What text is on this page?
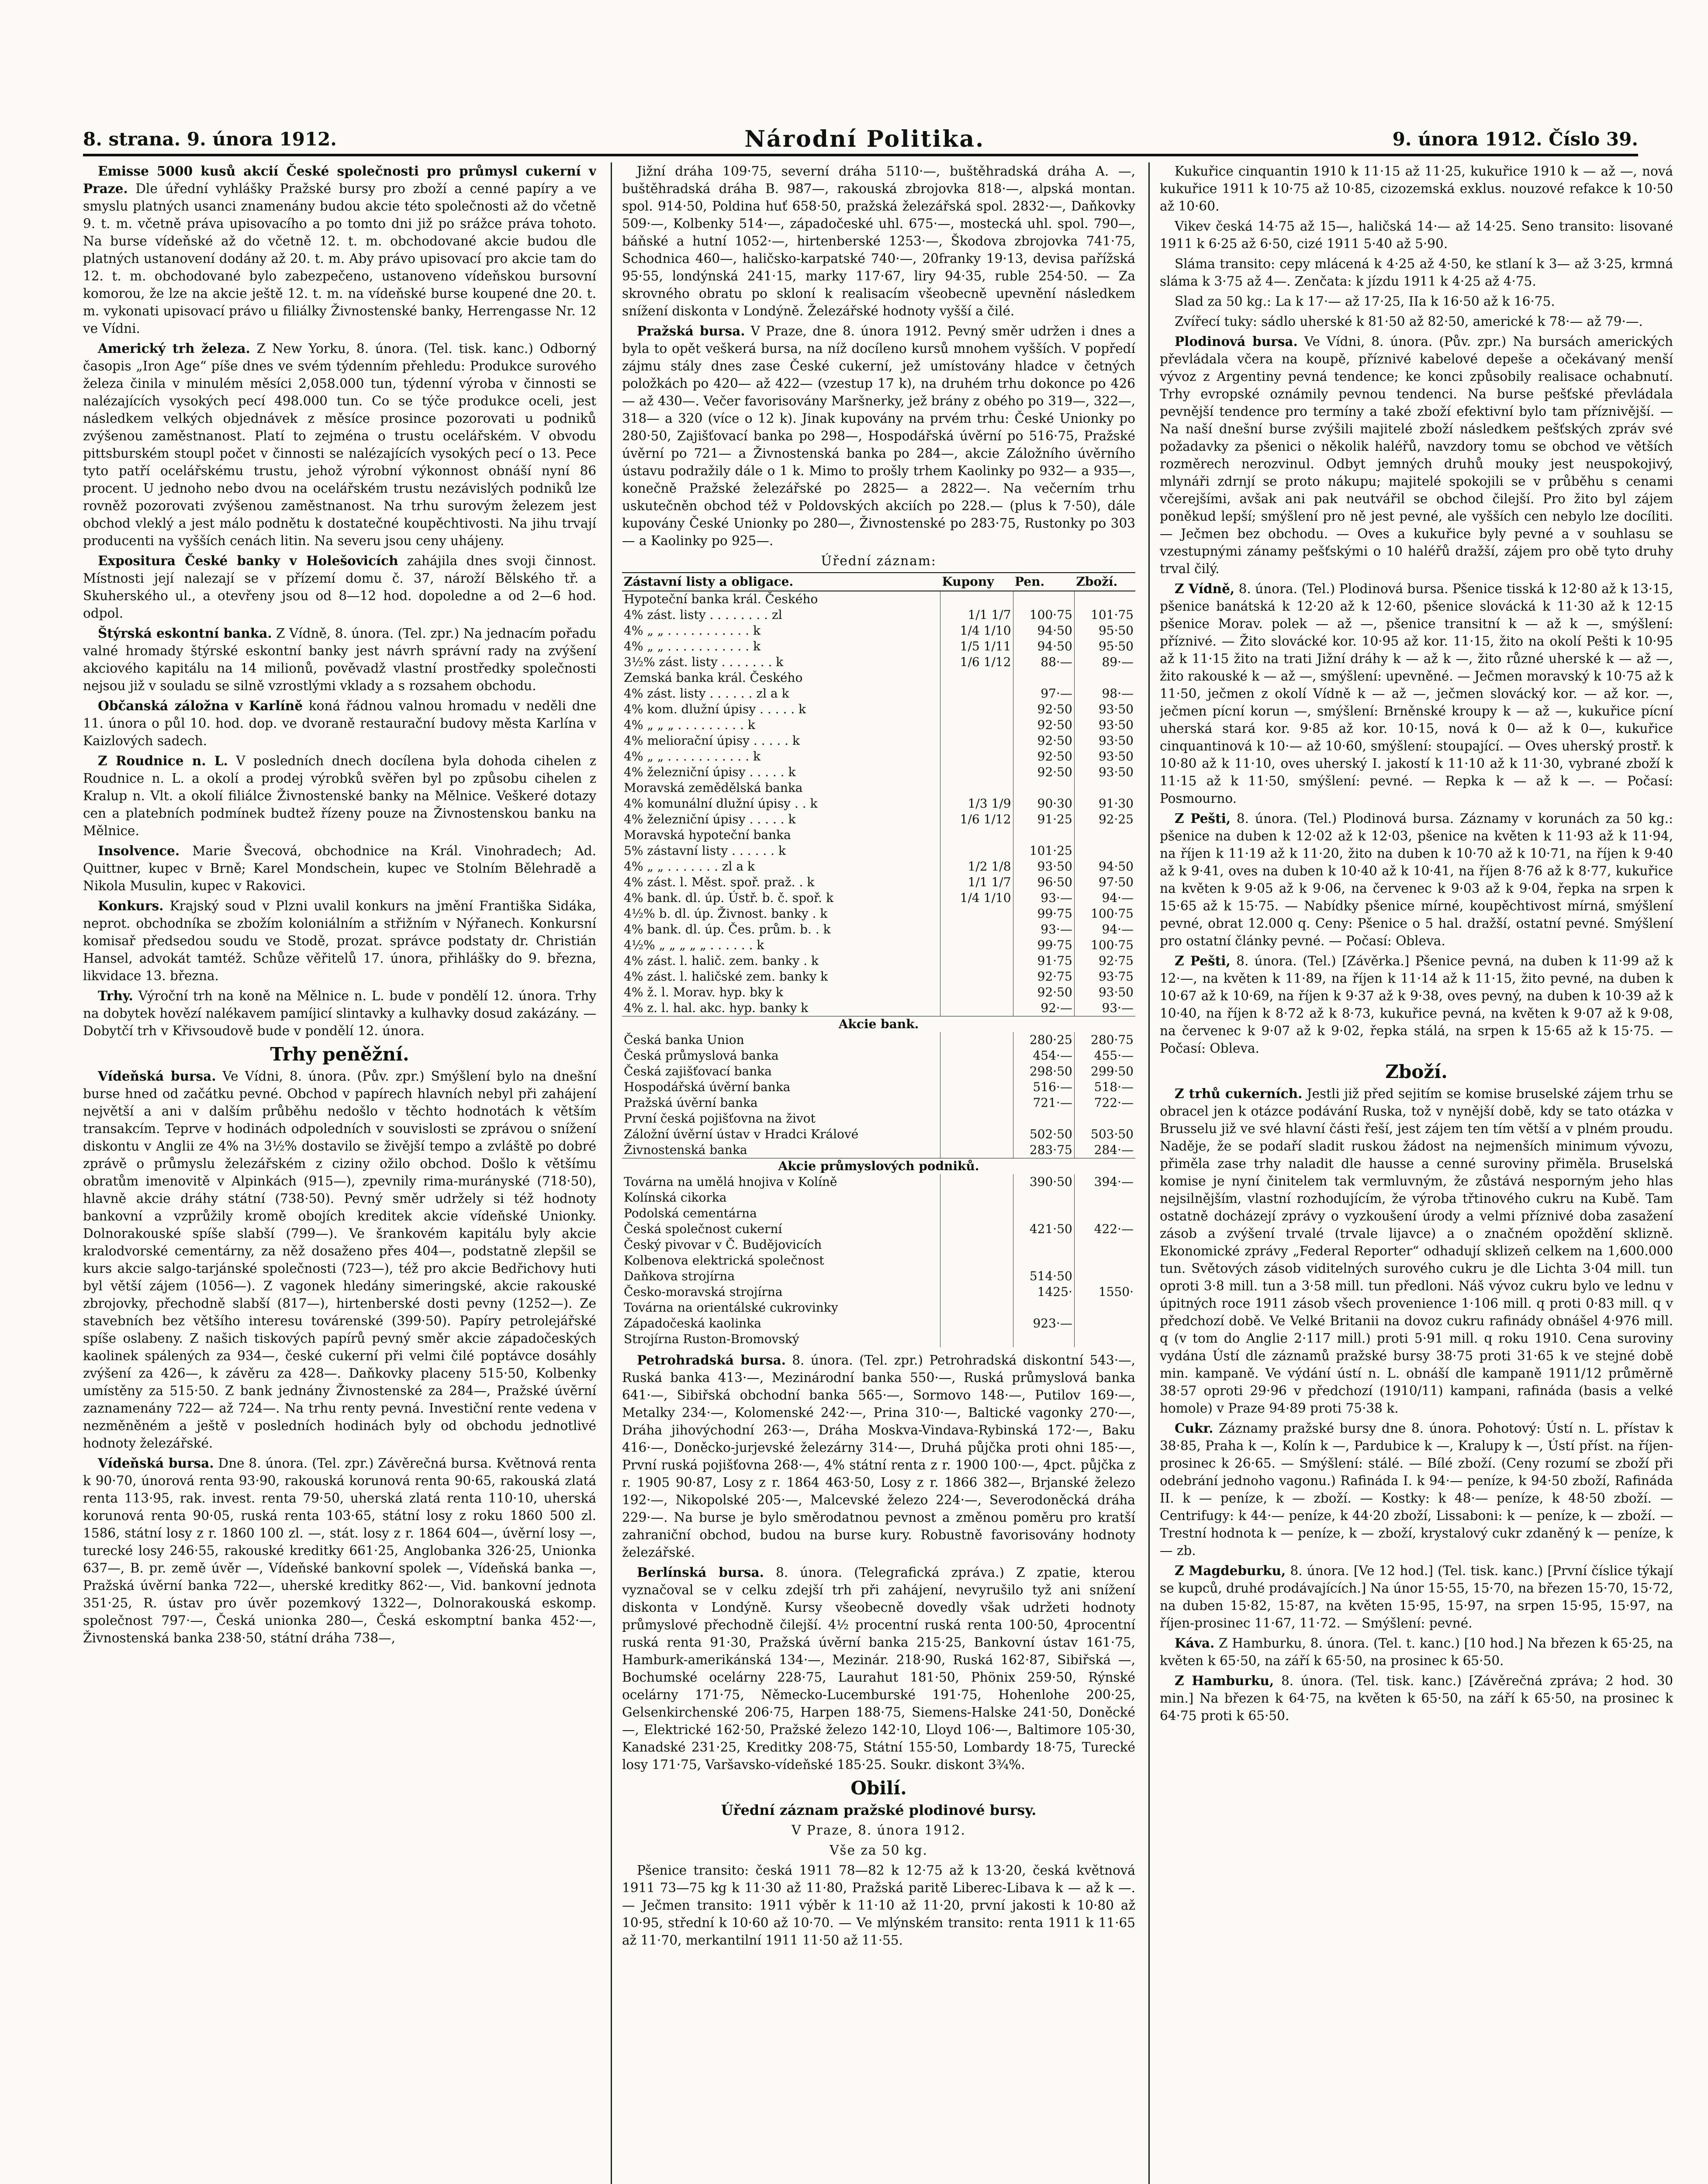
8. strana. 9. února 1912.	Národní Politika.	9. února 1912. Číslo 39.

Emisse 5000 kusů akcií České společnosti pro průmysl cukerní v Praze. Dle úřední vyhlášky Pražské bursy pro zboží a cenné papíry a ve smyslu platných usanci znamenány budou akcie této společnosti až do včetně 9. t. m. včetně práva upisovacího a po tomto dni již po srážce práva tohoto. Na burse vídeňské až do včetně 12. t. m. obchodované akcie budou dle platných ustanovení dodány až 20. t. m. Aby právo upisovací pro akcie tam do 12. t. m. obchodované bylo zabezpečeno, ustanoveno vídeňskou bursovní komorou, že lze na akcie ještě 12. t. m. na vídeňské burse koupené dne 20. t. m. vykonati upisovací právo u filiálky Živnostenské banky, Herrengasse Nr. 12 ve Vídni.

Americký trh železa. Z New Yorku, 8. února. (Tel. tisk. kanc.) Odborný časopis „Iron Age“ píše dnes ve svém týdenním přehledu: Produkce surového železa činila v minulém měsíci 2,058.000 tun, týdenní výroba v činnosti se nalézajících vysokých pecí 498.000 tun. Co se týče produkce oceli, jest následkem velkých objednávek z měsíce prosince pozorovati u podniků zvýšenou zaměstnanost. Platí to zejména o trustu ocelářském. V obvodu pittsburském stoupl počet v činnosti se nalézajících vysokých pecí o 13. Pece tyto patří ocelářskému trustu, jehož výrobní výkonnost obnáší nyní 86 procent. U jednoho nebo dvou na ocelářském trustu nezávislých podniků lze rovněž pozorovati zvýšenou zaměstnanost. Na trhu surovým železem jest obchod vleklý a jest málo podnětu k dostatečné koupěchtivosti. Na jihu trvají producenti na vyšších cenách litin. Na severu jsou ceny uhájeny.

Expositura České banky v Holešovicích zahájila dnes svoji činnost. Místnosti její nalezají se v přízemí domu č. 37, nároží Bělského tř. a Skuherského ul., a otevřeny jsou od 8—12 hod. dopoledne a od 2—6 hod. odpol.

Štýrská eskontní banka. Z Vídně, 8. února. (Tel. zpr.) Na jednacím pořadu valné hromady štýrské eskontní banky jest návrh správní rady na zvýšení akciového kapitálu na 14 milionů, pověvadž vlastní prostředky společnosti nejsou již v souladu se silně vzrostlými vklady a s rozsahem obchodu.

Občanská záložna v Karlíně koná řádnou valnou hromadu v neděli dne 11. února o půl 10. hod. dop. ve dvoraně restaurační budovy města Karlína v Kaizlových sadech.

Z Roudnice n. L. V posledních dnech docílena byla dohoda cihelen z Roudnice n. L. a okolí a prodej výrobků svěřen byl po způsobu cihelen z Kralup n. Vlt. a okolí filiálce Živnostenské banky na Mělnice. Veškeré dotazy cen a platebních podmínek budtež řízeny pouze na Živnostenskou banku na Mělnice.

Insolvence. Marie Švecová, obchodnice na Král. Vinohradech; Ad. Quittner, kupec v Brně; Karel Mondschein, kupec ve Stolním Bělehradě a Nikola Musulin, kupec v Rakovici.

Konkurs. Krajský soud v Plzni uvalil konkurs na jmění Františka Sidáka, neprot. obchodníka se zbožím koloniálním a střižním v Nýřanech. Konkursní komisař předsedou soudu ve Stodě, prozat. správce podstaty dr. Christián Hansel, advokát tamtéž. Schůze věřitelů 17. února, přihlášky do 9. března, likvidace 13. března.

Trhy. Výroční trh na koně na Mělnice n. L. bude v pondělí 12. února. Trhy na dobytek hovězí nalékavem pamíjicí slintavky a kulhavky dosud zakázány. — Dobytčí trh v Křivsoudově bude v pondělí 12. února.

Trhy peněžní.

Vídeňská bursa. Ve Vídni, 8. února. (Pův. zpr.) Smýšlení bylo na dnešní burse hned od začátku pevné. Obchod v papírech hlavních nebyl při zahájení největší a ani v dalším průběhu nedošlo v těchto hodnotách k větším transakcím. Teprve v hodinách odpoledních v souvislosti se zprávou o snížení diskontu v Anglii ze 4% na 3½% dostavilo se živější tempo a zvláště po dobré zprávě o průmyslu železářském z ciziny ožilo obchod. Došlo k většímu obratům imenovitě v Alpinkách (915—), zpevnily rima-murányské (718·50), hlavně akcie dráhy státní (738·50). Pevný směr udržely si též hodnoty bankovní a vzprůžily kromě obojích kreditek akcie vídeňské Unionky. Dolnorakouské spíše slabší (799—). Ve šrankovém kapitálu byly akcie kralodvorské cementárny, za něž dosaženo přes 404—, podstatně zlepšil se kurs akcie salgo-tarjánské společnosti (723—), též pro akcie Bedřichovy huti byl větší zájem (1056—). Z vagonek hledány simeringské, akcie rakouské zbrojovky, přechodně slabší (817—), hirtenberské dosti pevny (1252—). Ze stavebních bez většího interesu továrenské (399·50). Papíry petrolejářské spíše oslabeny. Z našich tiskových papírů pevný směr akcie západočeských kaolinek spálených za 934—, české cukerní při velmi čilé poptávce dosáhly zvýšení za 426—, k závěru za 428—. Daňkovky placeny 515·50, Kolbenky umístěny za 515·50. Z bank jednány Živnostenské za 284—, Pražské úvěrní zaznamenány 722— až 724—. Na trhu renty pevná. Investiční rente vedena v nezměněném a ještě v posledních hodinách byly od obchodu jednotlivé hodnoty železářské.

Vídeňská bursa. Dne 8. února. (Tel. zpr.) Závěrečná bursa. Květnová renta k 90·70, únorová renta 93·90, rakouská korunová renta 90·65, rakouská zlatá renta 113·95, rak. invest. renta 79·50, uherská zlatá renta 110·10, uherská korunová renta 90·05, ruská renta 103·65, státní losy z roku 1860 500 zl. 1586, státní losy z r. 1860 100 zl. —, stát. losy z r. 1864 604—, úvěrní losy —, turecké losy 246·55, rakouské kreditky 661·25, Anglobanka 326·25, Unionka 637—, B. pr. země úvěr —, Vídeňské bankovní spolek —, Vídeňská banka —, Pražská úvěrní banka 722—, uherské kreditky 862·—, Vid. bankovní jednota 351·25, R. ústav pro úvěr pozemkový 1322—, Dolnorakouská eskomp. společnost 797·—, Česká unionka 280—, Česká eskomptní banka 452·—, Živnostenská banka 238·50, státní dráha 738—,

Jižní dráha 109·75, severní dráha 5110·—, buštěhradská dráha A. —, buštěhradská dráha B. 987—, rakouská zbrojovka 818·—, alpská montan. spol. 914·50, Poldina huť 658·50, pražská železářská spol. 2832·—, Daňkovky 509·—, Kolbenky 514·—, západočeské uhl. 675·—, mostecká uhl. spol. 790—, báňské a hutní 1052·—, hirtenberské 1253·—, Škodova zbrojovka 741·75, Schodnica 460—, haličsko-karpatské 740·—, 20franky 19·13, devisa pařížská 95·55, londýnská 241·15, marky 117·67, liry 94·35, ruble 254·50. — Za skrovného obratu po skloní k realisacím všeobecně upevnění následkem snížení diskonta v Londýně. Železářské hodnoty vyšší a čilé.

Pražská bursa. V Praze, dne 8. února 1912. Pevný směr udržen i dnes a byla to opět veškerá bursa, na níž docíleno kursů mnohem vyšších. V popředí zájmu stály dnes zase České cukerní, jež umístovány hladce v četných položkách po 420— až 422— (vzestup 17 k), na druhém trhu dokonce po 426— až 430—. Večer favorisovány Maršnerky, jež brány z obého po 319—, 322—, 318— a 320 (více o 12 k). Jinak kupovány na prvém trhu: České Unionky po 280·50, Zajišťovací banka po 298—, Hospodářská úvěrní po 516·75, Pražské úvěrní po 721— a Živnostenská banka po 284—, akcie Záložního úvěrního ústavu podražily dále o 1 k. Mimo to prošly trhem Kaolinky po 932— a 935—, konečně Pražské železářské po 2825— a 2822—. Na večerním trhu uskutečněn obchod též v Poldovských akciích po 228.— (plus k 7·50), dále kupovány České Unionky po 280—, Živnostenské po 283·75, Rustonky po 303— a Kaolinky po 925—.

Úřední záznam:
Zástavní listy a obligace.	Kupony	Pen.	Zboží.
Hypoteční banka král. Českého			
4% zást. listy . . . . . . . . zl	1/1 1/7	100·75	101·75
4% „ „ . . . . . . . . . . . k	1/4 1/10	94·50	95·50
4% „ „ . . . . . . . . . . . k	1/5 1/11	94·50	95·50
3½% zást. listy . . . . . . . k	1/6 1/12	88·—	89·—
Zemská banka král. Českého			
4% zást. listy . . . . . . zl a k		97·—	98·—
4% kom. dlužní úpisy . . . . . k		92·50	93·50
4% „ „ „ . . . . . . . . . k		92·50	93·50
4% meliorační úpisy . . . . . k		92·50	93·50
4% „ „ . . . . . . . . . . . k		92·50	93·50
4% železniční úpisy . . . . . k		92·50	93·50
Moravská zemědělská banka			
4% komunální dlužní úpisy . . k	1/3 1/9	90·30	91·30
4% železniční úpisy . . . . . k	1/6 1/12	91·25	92·25
Moravská hypoteční banka			
5% zástavní listy . . . . . . k		101·25	
4% „ „ . . . . . . . zl a k	1/2 1/8	93·50	94·50
4% zást. l. Měst. spoř. praž. . k	1/1 1/7	96·50	97·50
4% bank. dl. úp. Ústř. b. č. spoř. k	1/4 1/10	93·—	94·—
4½% b. dl. úp. Živnost. banky . k		99·75	100·75
4% bank. dl. úp. Čes. prům. b. . k		93·—	94·—
4½% „ „ „ „ „ . . . . . . k		99·75	100·75
4% zást. l. halič. zem. banky . k		91·75	92·75
4% zást. l. haličské zem. banky k		92·75	93·75
4% ž. l. Morav. hyp. bky k		92·50	93·50
4% z. l. hal. akc. hyp. banky k		92·—	93·—
Akcie bank.			
Česká banka Union		280·25	280·75
Česká průmyslová banka		454·—	455·—
Česká zajišťovací banka		298·50	299·50
Hospodářská úvěrní banka		516·—	518·—
Pražská úvěrní banka		721·—	722·—
První česká pojišťovna na život			
Záložní úvěrní ústav v Hradci Králové		502·50	503·50
Živnostenská banka		283·75	284·—
Akcie průmyslových podniků.			
Továrna na umělá hnojiva v Kolíně		390·50	394·—
Kolínská cikorka			
Podolská cementárna			
Česká společnost cukerní		421·50	422·—
Český pivovar v Č. Budějovicích			
Kolbenova elektrická společnost			
Daňkova strojírna		514·50	
Česko-moravská strojírna		1425·	1550·
Továrna na orientálské cukrovinky			
Západočeská kaolinka		923·—	
Strojírna Ruston-Bromovský			

Petrohradská bursa. 8. února. (Tel. zpr.) Petrohradská diskontní 543·—, Ruská banka 413·—, Mezinárodní banka 550·—, Ruská průmyslová banka 641·—, Sibiřská obchodní banka 565·—, Sormovo 148·—, Putilov 169·—, Metalky 234·—, Kolomenské 242·—, Prina 310·—, Baltické vagonky 270·—, Dráha jihovýchodní 263·—, Dráha Moskva-Vindava-Rybinská 172·—, Baku 416·—, Doněcko-jurjevské železárny 314·—, Druhá půjčka proti ohni 185·—, První ruská pojišťovna 268·—, 4% státní renta z r. 1900 100·—, 4pct. půjčka z r. 1905 90·87, Losy z r. 1864 463·50, Losy z r. 1866 382—, Brjanské železo 192·—, Nikopolské 205·—, Malcevské železo 224·—, Severodoněcká dráha 229·—. Na burse je bylo směrodatnou pevnost a změnou poměru pro kratší zahraniční obchod, budou na burse kury. Robustně favorisovány hodnoty železářské.

Berlínská bursa. 8. února. (Telegrafická zpráva.) Z zpatie, kterou vyznačoval se v celku zdejší trh při zahájení, nevyrušilo tyž ani snížení diskonta v Londýně. Kursy všeobecně dovedly však udržeti hodnoty průmyslové přechodně čilejší. 4½ procentní ruská renta 100·50, 4procentní ruská renta 91·30, Pražská úvěrní banka 215·25, Bankovní ústav 161·75, Hamburk-amerikánská 134·—, Mezinár. 218·90, Ruská 162·87, Sibiřská —, Bochumské ocelárny 228·75, Laurahut 181·50, Phönix 259·50, Rýnské ocelárny 171·75, Německo-Lucemburské 191·75, Hohenlohe 200·25, Gelsenkirchenské 206·75, Harpen 188·75, Siemens-Halske 241·50, Doněcké —, Elektrické 162·50, Pražské železo 142·10, Lloyd 106·—, Baltimore 105·30, Kanadské 231·25, Kreditky 208·75, Státní 155·50, Lombardy 18·75, Turecké losy 171·75, Varšavsko-vídeňské 185·25. Soukr. diskont 3¾%.

Obilí.
Úřední záznam pražské plodinové bursy.
V Praze, 8. února 1912.
Vše za 50 kg.

Pšenice transito: česká 1911 78—82 k 12·75 až k 13·20, česká květnová 1911 73—75 kg k 11·30 až 11·80, Pražská paritě Liberec-Libava k — až k —. — Ječmen transito: 1911 výběr k 11·10 až 11·20, první jakosti k 10·80 až 10·95, střední k 10·60 až 10·70. — Ve mlýnském transito: renta 1911 k 11·65 až 11·70, merkantilní 1911 11·50 až 11·55.

Kukuřice cinquantin 1910 k 11·15 až 11·25, kukuřice 1910 k — až —, nová kukuřice 1911 k 10·75 až 10·85, cizozemská exklus. nouzové refakce k 10·50 až 10·60.

Vikev česká 14·75 až 15—, haličská 14·— až 14·25. Seno transito: lisované 1911 k 6·25 až 6·50, cizé 1911 5·40 až 5·90.

Sláma transito: cepy mlácená k 4·25 až 4·50, ke stlaní k 3— až 3·25, krmná sláma k 3·75 až 4—. Zenčata: k jízdu 1911 k 4·25 až 4·75.

Slad za 50 kg.: La k 17·— až 17·25, IIa k 16·50 až k 16·75.

Zvířecí tuky: sádlo uherské k 81·50 až 82·50, americké k 78·— až 79·—.

Plodinová bursa. Ve Vídni, 8. února. (Pův. zpr.) Na bursách amerických převládala včera na koupě, příznivé kabelové depeše a očekávaný menší vývoz z Argentiny pevná tendence; ke konci způsobily realisace ochabnutí. Trhy evropské oznámily pevnou tendenci. Na burse pešťské převládala pevnější tendence pro termíny a také zboží efektivní bylo tam příznivější. — Na naší dnešní burse zvýšili majitelé zboží následkem pešťských zpráv své požadavky za pšenici o několik haléřů, navzdory tomu se obchod ve větších rozměrech nerozvinul. Odbyt jemných druhů mouky jest neuspokojivý, mlynáři zdrnjí se proto nákupu; majitelé spokojili se v průběhu s cenami včerejšími, avšak ani pak neutvářil se obchod čilejší. Pro žito byl zájem poněkud lepší; smýšlení pro ně jest pevné, ale vyšších cen nebylo lze docíliti. — Ječmen bez obchodu. — Oves a kukuřice byly pevné a v souhlasu se vzestupnými zánamy pešťskými o 10 haléřů dražší, zájem pro obě tyto druhy trval čilý.

Z Vídně, 8. února. (Tel.) Plodinová bursa. Pšenice tisská k 12·80 až k 13·15, pšenice banátská k 12·20 až k 12·60, pšenice slovácká k 11·30 až k 12·15 pšenice Morav. polek — až —, pšenice transitní k — až k —, smýšlení: příznivé. — Žito slovácké kor. 10·95 až kor. 11·15, žito na okolí Pešti k 10·95 až k 11·15 žito na trati Jižní dráhy k — až k —, žito různé uherské k — až —, žito rakouské k — až —, smýšlení: upevněné. — Ječmen moravský k 10·75 až k 11·50, ječmen z okolí Vídně k — až —, ječmen slovácký kor. — až kor. —, ječmen pícní korun —, smýšlení: Brněnské kroupy k — až —, kukuřice pícní uherská stará kor. 9·85 až kor. 10·15, nová k 0— až k 0—, kukuřice cinquantinová k 10·— až 10·60, smýšlení: stoupající. — Oves uherský prostř. k 10·80 až k 11·10, oves uherský I. jakostí k 11·10 až k 11·30, vybrané zboží k 11·15 až k 11·50, smýšlení: pevné. — Repka k — až k —. — Počasí: Posmourno.

Z Pešti, 8. února. (Tel.) Plodinová bursa. Záznamy v korunách za 50 kg.: pšenice na duben k 12·02 až k 12·03, pšenice na květen k 11·93 až k 11·94, na říjen k 11·19 až k 11·20, žito na duben k 10·70 až k 10·71, na říjen k 9·40 až k 9·41, oves na duben k 10·40 až k 10·41, na říjen 8·76 až k 8·77, kukuřice na květen k 9·05 až k 9·06, na červenec k 9·03 až k 9·04, řepka na srpen k 15·65 až k 15·75. — Nabídky pšenice mírné, koupěchtivost mírná, smýšlení pevné, obrat 12.000 q. Ceny: Pšenice o 5 hal. dražší, ostatní pevné. Smýšlení pro ostatní články pevné. — Počasí: Obleva.

Z Pešti, 8. února. (Tel.) [Závěrka.] Pšenice pevná, na duben k 11·99 až k 12·—, na květen k 11·89, na říjen k 11·14 až k 11·15, žito pevné, na duben k 10·67 až k 10·69, na říjen k 9·37 až k 9·38, oves pevný, na duben k 10·39 až k 10·40, na říjen k 8·72 až k 8·73, kukuřice pevná, na květen k 9·07 až k 9·08, na červenec k 9·07 až k 9·02, řepka stálá, na srpen k 15·65 až k 15·75. — Počasí: Obleva.

Zboží.

Z trhů cukerních. Jestli již před sejitím se komise bruselské zájem trhu se obracel jen k otázce podávání Ruska, tož v nynější době, kdy se tato otázka v Brusselu již ve své hlavní části řeší, jest zájem ten tím větší a v plném proudu. Naděje, že se podaří sladit ruskou žádost na nejmenších minimum vývozu, přiměla zase trhy naladit dle hausse a cenné suroviny přiměla. Bruselská komise je nyní činitelem tak vermluvným, že zůstává nesporným jeho hlas nejsilnějším, vlastní rozhodujícím, že výroba třtinového cukru na Kubě. Tam ostatně docházejí zprávy o vyzkoušení úrody a velmi příznivé doba zasažení zásob a zvýšení trvalé (trvale lijavce) a o značném opoždění sklizně. Ekonomické zprávy „Federal Reporter“ odhadují sklizeň celkem na 1,600.000 tun. Světových zásob viditelných surového cukru je dle Lichta 3·04 mill. tun oproti 3·8 mill. tun a 3·58 mill. tun předloni. Náš vývoz cukru bylo ve lednu v úpitných roce 1911 zásob všech provenience 1·106 mill. q proti 0·83 mill. q v předchozí době. Ve Velké Britanii na dovoz cukru rafinády obnášel 4·976 mill. q (v tom do Anglie 2·117 mill.) proti 5·91 mill. q roku 1910. Cena suroviny vydána Ústí dle záznamů pražské bursy 38·75 proti 31·65 k ve stejné době min. kampaně. Ve výdání ústí n. L. obnáší dle kampaně 1911/12 průměrně 38·57 oproti 29·96 v předchozí (1910/11) kampani, rafináda (basis a velké homole) v Praze 94·89 proti 75·38 k.

Cukr. Záznamy pražské bursy dne 8. února. Pohotový: Ústí n. L. přístav k 38·85, Praha k —, Kolín k —, Pardubice k —, Kralupy k —, Ústí příst. na říjen-prosinec k 26·65. — Smýšlení: stálé. — Bílé zboží. (Ceny rozumí se zboží při odebrání jednoho vagonu.) Rafináda I. k 94·— peníze, k 94·50 zboží, Rafináda II. k — peníze, k — zboží. — Kostky: k 48·— peníze, k 48·50 zboží. — Centrifugy: k 44·— peníze, k 44·20 zboží, Lissaboni: k — peníze, k — zboží. — Trestní hodnota k — peníze, k — zboží, krystalový cukr zdaněný k — peníze, k — zb.

Z Magdeburku, 8. února. [Ve 12 hod.] (Tel. tisk. kanc.) [První číslice týkají se kupců, druhé prodávajících.] Na únor 15·55, 15·70, na březen 15·70, 15·72, na duben 15·82, 15·87, na květen 15·95, 15·97, na srpen 15·95, 15·97, na říjen-prosinec 11·67, 11·72. — Smýšlení: pevné.

Káva. Z Hamburku, 8. února. (Tel. t. kanc.) [10 hod.] Na březen k 65·25, na květen k 65·50, na září k 65·50, na prosinec k 65·50.

Z Hamburku, 8. února. (Tel. tisk. kanc.) [Závěrečná zpráva; 2 hod. 30 min.] Na březen k 64·75, na květen k 65·50, na září k 65·50, na prosinec k 64·75 proti k 65·50.
